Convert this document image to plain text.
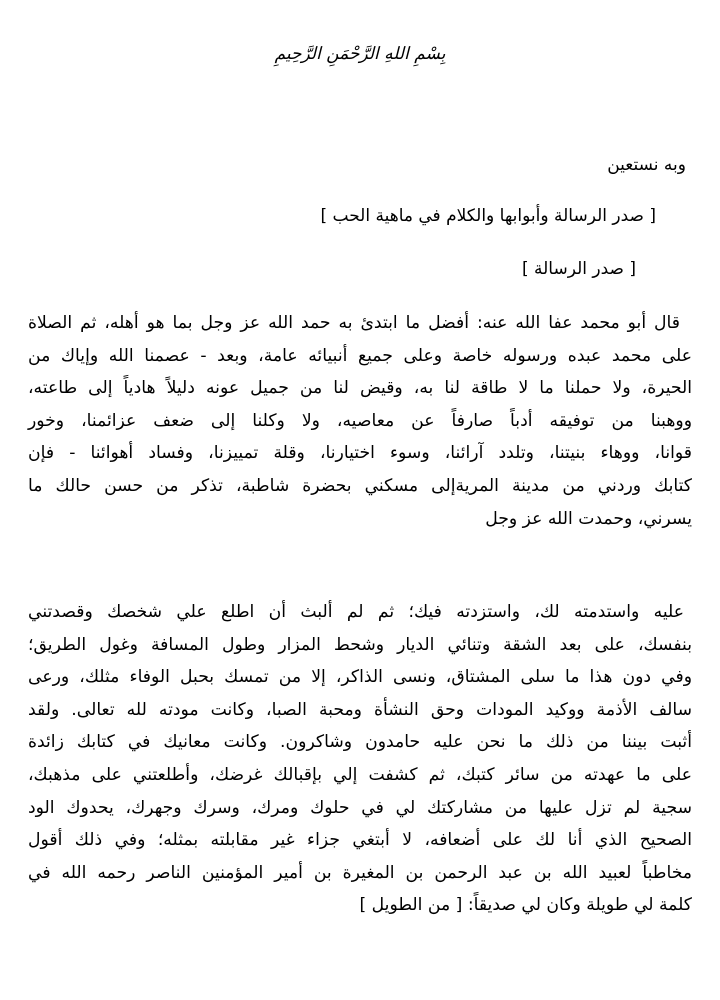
بِسْمِ اللهِ الرَّحْمَنِ الرَّحِيمِ
وبه نستعين
[ صدر الرسالة وأبوابها والكلام في ماهية الحب ]
[ صدر الرسالة ]
قال أبو محمد عفا الله عنه: أفضل ما ابتدئ به حمد الله عز وجل بما هو أهله، ثم الصلاة
على محمد عبده ورسوله خاصة وعلى جميع أنبيائه عامة، وبعد - عصمنا الله وإياك من
الحيرة، ولا حملنا ما لا طاقة لنا به، وقيض لنا من جميل عونه دليلاً هادياً إلى طاعته،
ووهبنا من توفيقه أدباً صارفاً عن معاصيه، ولا وكلنا إلى ضعف عزائمنا، وخور
قوانا، ووهاء بنيتنا، وتلدد آرائنا، وسوء اختيارنا، وقلة تمييزنا، وفساد أهوائنا - فإن
كتابك وردني من مدينة المريةإلى مسكني بحضرة شاطبة، تذكر من حسن حالك ما
يسرني، وحمدت الله عز وجل
عليه واستدمته لك، واستزدته فيك؛ ثم لم ألبث أن اطلع علي شخصك وقصدتني
بنفسك، على بعد الشقة وتنائي الديار وشحط المزار وطول المسافة وغول الطريق؛
وفي دون هذا ما سلى المشتاق، ونسى الذاكر، إلا من تمسك بحبل الوفاء مثلك، ورعى
سالف الأذمة ووكيد المودات وحق النشأة ومحبة الصبا، وكانت مودته لله تعالى. ولقد
أثبت بيننا من ذلك ما نحن عليه حامدون وشاكرون. وكانت معانيك في كتابك زائدة
على ما عهدته من سائر كتبك، ثم كشفت إلي بإقبالك غرضك، وأطلعتني على مذهبك،
سجية لم تزل عليها من مشاركتك لي في حلوك ومرك، وسرك وجهرك، يحدوك الود
الصحيح الذي أنا لك على أضعافه، لا أبتغي جزاء غير مقابلته بمثله؛ وفي ذلك أقول
مخاطباً لعبيد الله بن عبد الرحمن بن المغيرة بن أمير المؤمنين الناصر رحمه الله في
كلمة لي طويلة وكان لي صديقاً: [ من الطويل ]
